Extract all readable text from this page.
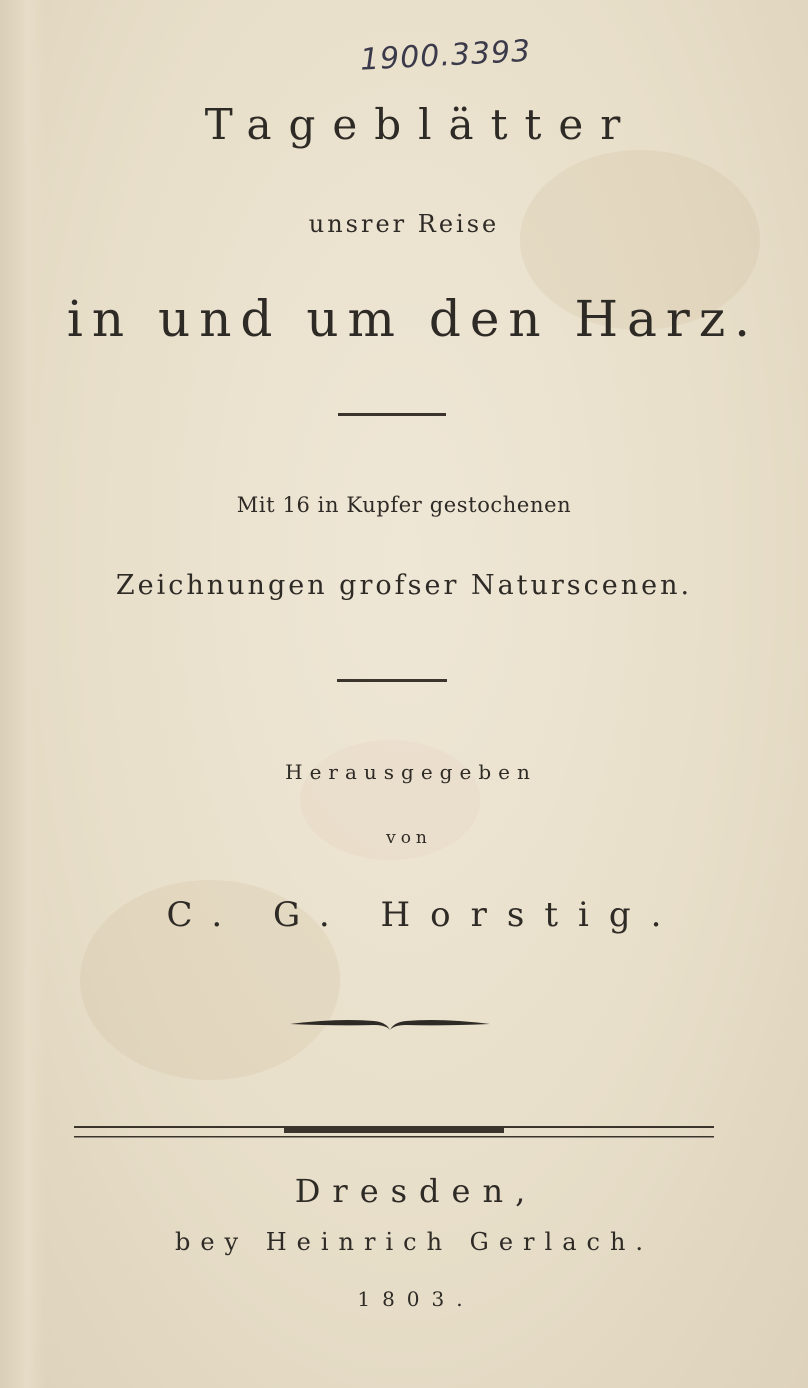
1900.3393
Tageblätter
unsrer Reise
in und um den Harz.
Mit 16 in Kupfer gestochenen
Zeichnungen grofser Naturscenen.
Herausgegeben
von
C. G. Horstig.
Dresden,
bey Heinrich Gerlach.
1803.
